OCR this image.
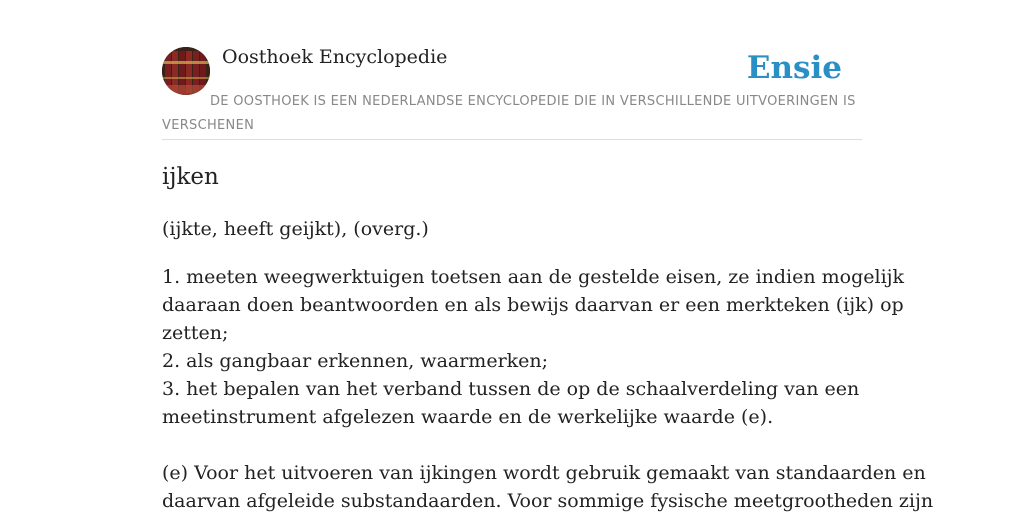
Oosthoek Encyclopedie	Ensie
DE OOSTHOEK IS EEN NEDERLANDSE ENCYCLOPEDIE DIE IN VERSCHILLENDE UITVOERINGEN IS VERSCHENEN
ijken
(ijkte, heeft geijkt), (overg.)
1. meeten weegwerktuigen toetsen aan de gestelde eisen, ze indien mogelijk
daaraan doen beantwoorden en als bewijs daarvan er een merkteken (ijk) op
zetten;
2. als gangbaar erkennen, waarmerken;
3. het bepalen van het verband tussen de op de schaalverdeling van een
meetinstrument afgelezen waarde en de werkelijke waarde (e).
(e) Voor het uitvoeren van ijkingen wordt gebruik gemaakt van standaarden en
daarvan afgeleide substandaarden. Voor sommige fysische meetgrootheden zijn
